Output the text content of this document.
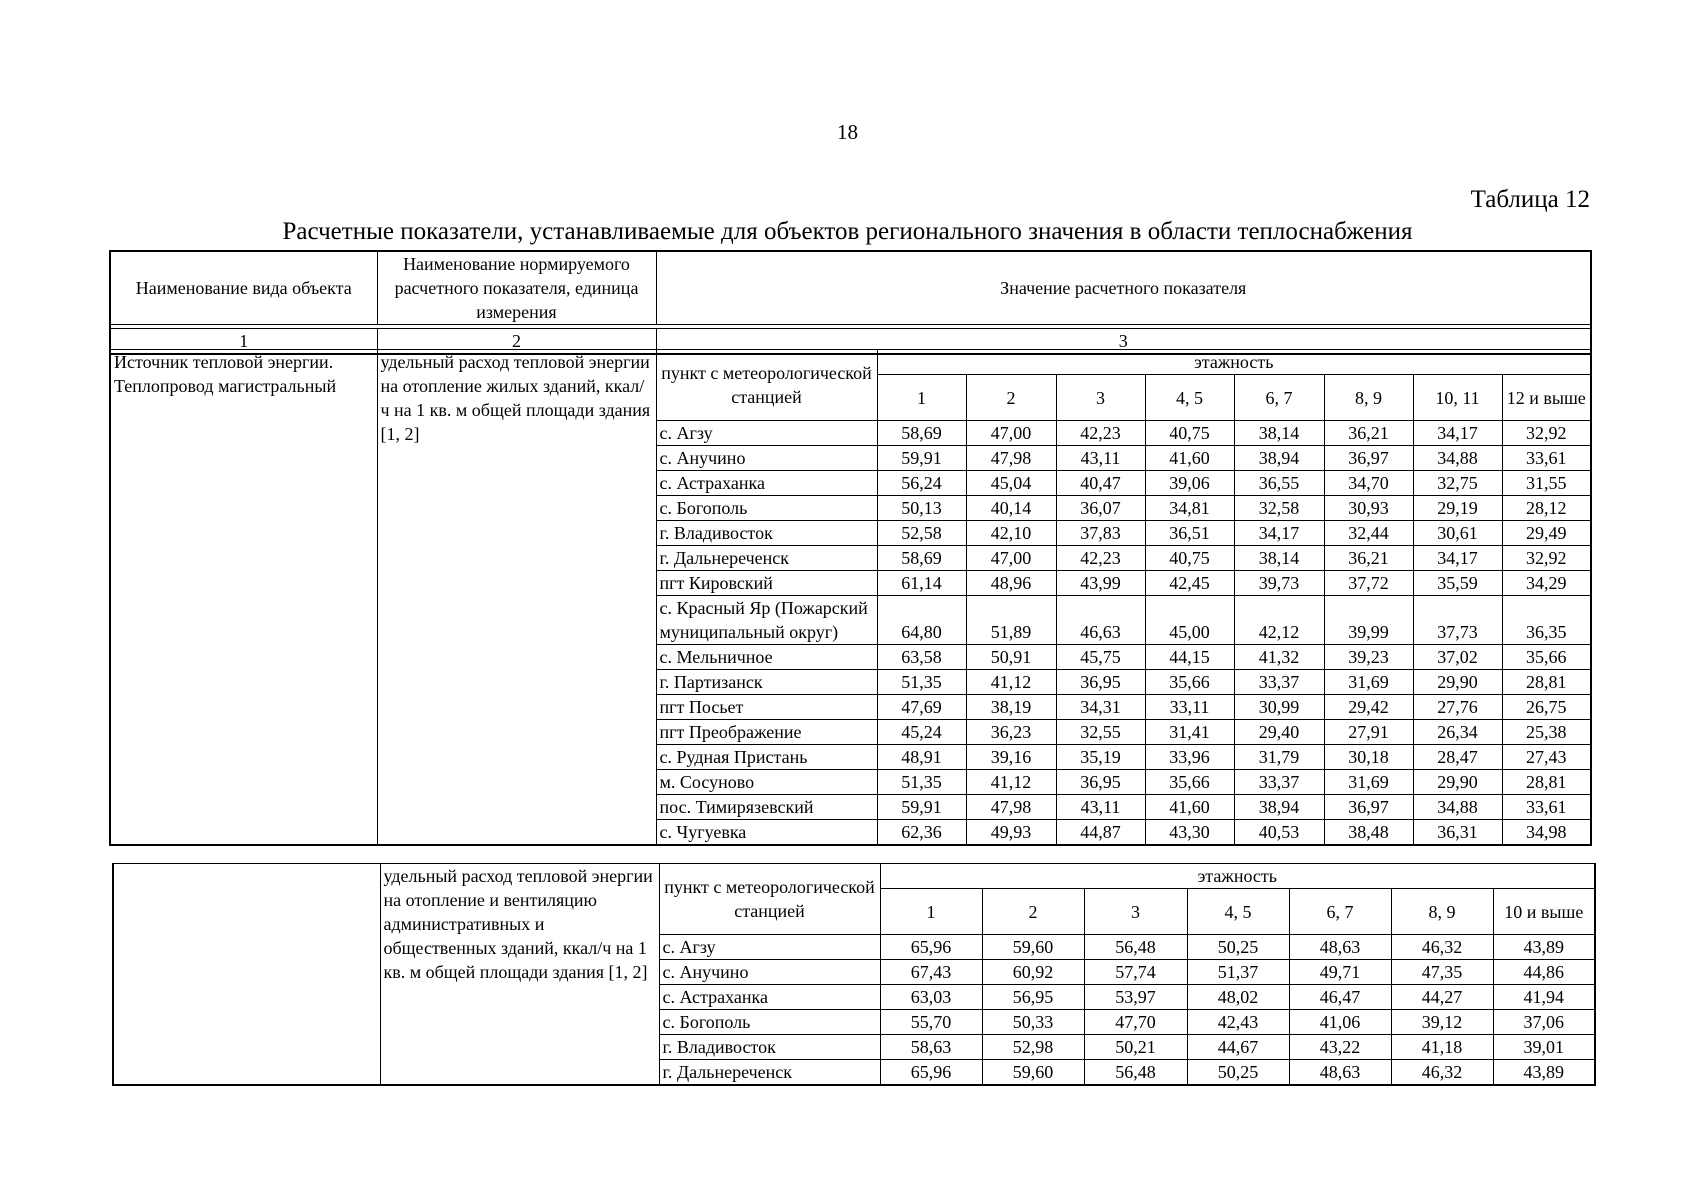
18
Таблица 12
Расчетные показатели, устанавливаемые для объектов регионального значения в области теплоснабжения
Наименование вида объекта	Наименование нормируемого расчетного показателя, единица измерения	Значение расчетного показателя

1	2	3
Источник тепловой энергии. Теплопровод магистральный	удельный расход тепловой энергии на отопление жилых зданий, ккал/ч на 1 кв. м общей площади здания [1, 2]	пункт с метеорологической станцией	этажность							
			1	2	3	4, 5	6, 7	8, 9	10, 11	12 и выше
		с. Агзу	58,69	47,00	42,23	40,75	38,14	36,21	34,17	32,92
		с. Анучино	59,91	47,98	43,11	41,60	38,94	36,97	34,88	33,61
		с. Астраханка	56,24	45,04	40,47	39,06	36,55	34,70	32,75	31,55
		с. Богополь	50,13	40,14	36,07	34,81	32,58	30,93	29,19	28,12
		г. Владивосток	52,58	42,10	37,83	36,51	34,17	32,44	30,61	29,49
		г. Дальнереченск	58,69	47,00	42,23	40,75	38,14	36,21	34,17	32,92
		пгт Кировский	61,14	48,96	43,99	42,45	39,73	37,72	35,59	34,29
		с. Красный Яр (Пожарский муниципальный округ)	64,80	51,89	46,63	45,00	42,12	39,99	37,73	36,35
		с. Мельничное	63,58	50,91	45,75	44,15	41,32	39,23	37,02	35,66
		г. Партизанск	51,35	41,12	36,95	35,66	33,37	31,69	29,90	28,81
		пгт Посьет	47,69	38,19	34,31	33,11	30,99	29,42	27,76	26,75
		пгт Преображение	45,24	36,23	32,55	31,41	29,40	27,91	26,34	25,38
		с. Рудная Пристань	48,91	39,16	35,19	33,96	31,79	30,18	28,47	27,43
		м. Сосуново	51,35	41,12	36,95	35,66	33,37	31,69	29,90	28,81
		пос. Тимирязевский	59,91	47,98	43,11	41,60	38,94	36,97	34,88	33,61
		с. Чугуевка	62,36	49,93	44,87	43,30	40,53	38,48	36,31	34,98
	удельный расход тепловой энергии на отопление и вентиляцию административных и общественных зданий, ккал/ч на 1 кв. м общей площади здания [1, 2]	пункт с метеорологической станцией	этажность						
			1	2	3	4, 5	6, 7	8, 9	10 и выше
		с. Агзу	65,96	59,60	56,48	50,25	48,63	46,32	43,89
		с. Анучино	67,43	60,92	57,74	51,37	49,71	47,35	44,86
		с. Астраханка	63,03	56,95	53,97	48,02	46,47	44,27	41,94
		с. Богополь	55,70	50,33	47,70	42,43	41,06	39,12	37,06
		г. Владивосток	58,63	52,98	50,21	44,67	43,22	41,18	39,01
		г. Дальнереченск	65,96	59,60	56,48	50,25	48,63	46,32	43,89
